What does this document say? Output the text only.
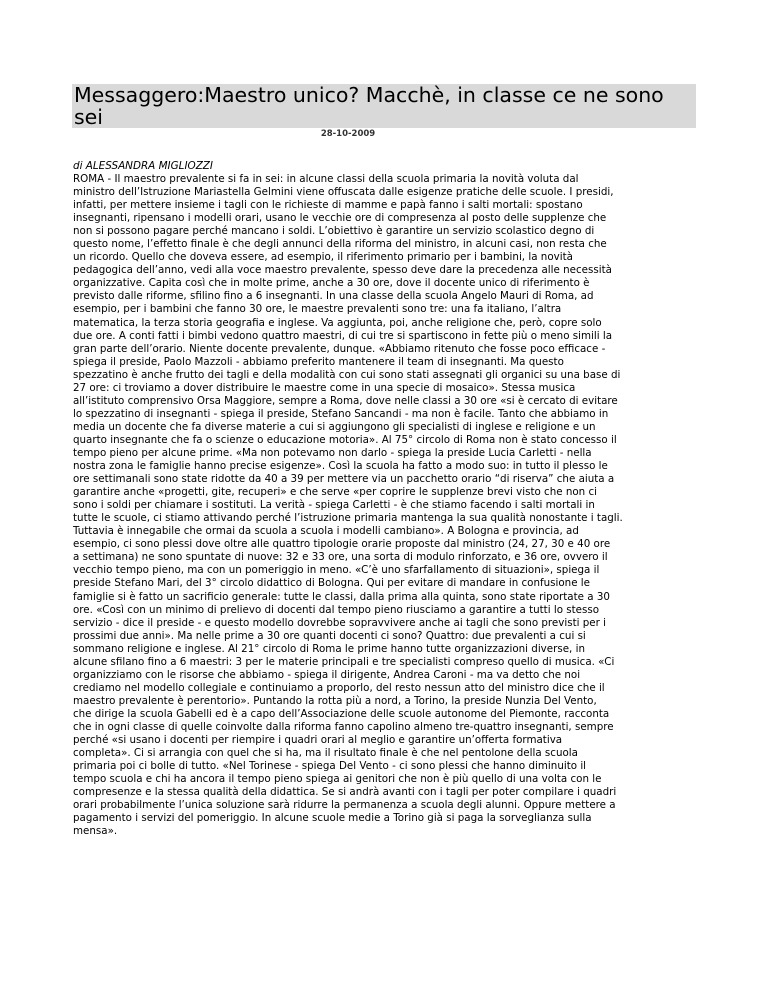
Messaggero:Maestro unico? Macchè, in classe ce ne sono sei
28-10-2009
di ALESSANDRA MIGLIOZZI
ROMA - Il maestro prevalente si fa in sei: in alcune classi della scuola primaria la novità voluta dal
ministro dell’Istruzione Mariastella Gelmini viene offuscata dalle esigenze pratiche delle scuole. I presidi,
infatti, per mettere insieme i tagli con le richieste di mamme e papà fanno i salti mortali: spostano
insegnanti, ripensano i modelli orari, usano le vecchie ore di compresenza al posto delle supplenze che
non si possono pagare perché mancano i soldi. L’obiettivo è garantire un servizio scolastico degno di
questo nome, l’effetto finale è che degli annunci della riforma del ministro, in alcuni casi, non resta che
un ricordo. Quello che doveva essere, ad esempio, il riferimento primario per i bambini, la novità
pedagogica dell’anno, vedi alla voce maestro prevalente, spesso deve dare la precedenza alle necessità
organizzative. Capita così che in molte prime, anche a 30 ore, dove il docente unico di riferimento è
previsto dalle riforme, sfilino fino a 6 insegnanti. In una classe della scuola Angelo Mauri di Roma, ad
esempio, per i bambini che fanno 30 ore, le maestre prevalenti sono tre: una fa italiano, l’altra
matematica, la terza storia geografia e inglese. Va aggiunta, poi, anche religione che, però, copre solo
due ore. A conti fatti i bimbi vedono quattro maestri, di cui tre si spartiscono in fette più o meno simili la
gran parte dell’orario. Niente docente prevalente, dunque. «Abbiamo ritenuto che fosse poco efficace -
spiega il preside, Paolo Mazzoli - abbiamo preferito mantenere il team di insegnanti. Ma questo
spezzatino è anche frutto dei tagli e della modalità con cui sono stati assegnati gli organici su una base di
27 ore: ci troviamo a dover distribuire le maestre come in una specie di mosaico». Stessa musica
all’istituto comprensivo Orsa Maggiore, sempre a Roma, dove nelle classi a 30 ore «si è cercato di evitare
lo spezzatino di insegnanti - spiega il preside, Stefano Sancandi - ma non è facile. Tanto che abbiamo in
media un docente che fa diverse materie a cui si aggiungono gli specialisti di inglese e religione e un
quarto insegnante che fa o scienze o educazione motoria». Al 75° circolo di Roma non è stato concesso il
tempo pieno per alcune prime. «Ma non potevamo non darlo - spiega la preside Lucia Carletti - nella
nostra zona le famiglie hanno precise esigenze». Così la scuola ha fatto a modo suo: in tutto il plesso le
ore settimanali sono state ridotte da 40 a 39 per mettere via un pacchetto orario “di riserva” che aiuta a
garantire anche «progetti, gite, recuperi» e che serve «per coprire le supplenze brevi visto che non ci
sono i soldi per chiamare i sostituti. La verità - spiega Carletti - è che stiamo facendo i salti mortali in
tutte le scuole, ci stiamo attivando perché l’istruzione primaria mantenga la sua qualità nonostante i tagli.
Tuttavia è innegabile che ormai da scuola a scuola i modelli cambiano». A Bologna e provincia, ad
esempio, ci sono plessi dove oltre alle quattro tipologie orarie proposte dal ministro (24, 27, 30 e 40 ore
a settimana) ne sono spuntate di nuove: 32 e 33 ore, una sorta di modulo rinforzato, e 36 ore, ovvero il
vecchio tempo pieno, ma con un pomeriggio in meno. «C’è uno sfarfallamento di situazioni», spiega il
preside Stefano Mari, del 3° circolo didattico di Bologna. Qui per evitare di mandare in confusione le
famiglie si è fatto un sacrificio generale: tutte le classi, dalla prima alla quinta, sono state riportate a 30
ore. «Così con un minimo di prelievo di docenti dal tempo pieno riusciamo a garantire a tutti lo stesso
servizio - dice il preside - e questo modello dovrebbe sopravvivere anche ai tagli che sono previsti per i
prossimi due anni». Ma nelle prime a 30 ore quanti docenti ci sono? Quattro: due prevalenti a cui si
sommano religione e inglese. Al 21° circolo di Roma le prime hanno tutte organizzazioni diverse, in
alcune sfilano fino a 6 maestri: 3 per le materie principali e tre specialisti compreso quello di musica. «Ci
organizziamo con le risorse che abbiamo - spiega il dirigente, Andrea Caroni - ma va detto che noi
crediamo nel modello collegiale e continuiamo a proporlo, del resto nessun atto del ministro dice che il
maestro prevalente è perentorio». Puntando la rotta più a nord, a Torino, la preside Nunzia Del Vento,
che dirige la scuola Gabelli ed è a capo dell’Associazione delle scuole autonome del Piemonte, racconta
che in ogni classe di quelle coinvolte dalla riforma fanno capolino almeno tre-quattro insegnanti, sempre
perché «si usano i docenti per riempire i quadri orari al meglio e garantire un’offerta formativa
completa». Ci si arrangia con quel che si ha, ma il risultato finale è che nel pentolone della scuola
primaria poi ci bolle di tutto. «Nel Torinese - spiega Del Vento - ci sono plessi che hanno diminuito il
tempo scuola e chi ha ancora il tempo pieno spiega ai genitori che non è più quello di una volta con le
compresenze e la stessa qualità della didattica. Se si andrà avanti con i tagli per poter compilare i quadri
orari probabilmente l’unica soluzione sarà ridurre la permanenza a scuola degli alunni. Oppure mettere a
pagamento i servizi del pomeriggio. In alcune scuole medie a Torino già si paga la sorveglianza sulla
mensa».
